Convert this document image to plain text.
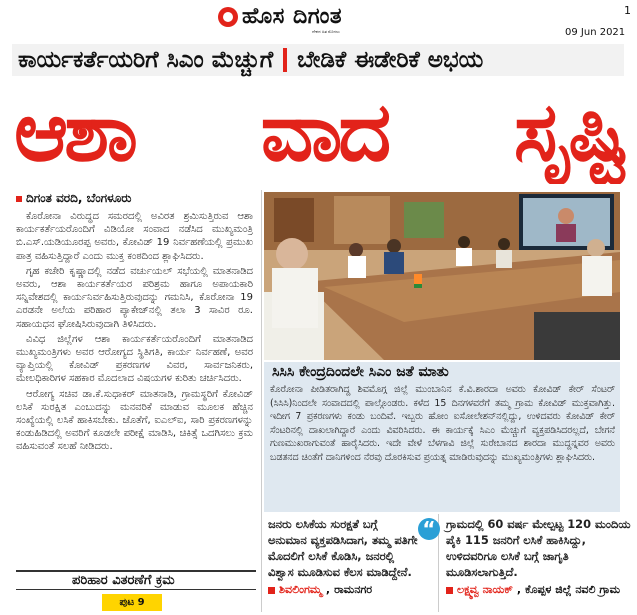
ಹೊಸ ದಿಗಂತ
ದೇಶದ ಹಿತ ಮೊದಲು
1
09 Jun 2021
ಕಾರ್ಯಕರ್ತೆಯರಿಗೆ ಸಿಎಂ ಮೆಚ್ಚುಗೆ ಬೇಡಿಕೆ ಈಡೇರಿಕೆ ಅಭಯ
ಆಶಾ ವಾದ ಸೃಷ್ಟಿ
ದಿಗಂತ ವರದಿ, ಬೆಂಗಳೂರು

ಕೊರೋನಾ ವಿರುದ್ಧದ ಸಮರದಲ್ಲಿ ಅವಿರತ ಶ್ರಮಿಸುತ್ತಿರುವ ಆಶಾ ಕಾರ್ಯಕರ್ತೆಯರೊಂದಿಗೆ ವಿಡಿಯೋ ಸಂವಾದ ನಡೆಸಿದ ಮುಖ್ಯಮಂತ್ರಿ ಬಿ.ಎಸ್.ಯಡಿಯೂರಪ್ಪ ಅವರು, ಕೋವಿಡ್ 19 ನಿರ್ವಹಣೆಯಲ್ಲಿ ಪ್ರಮುಖ ಪಾತ್ರ ವಹಿಸುತ್ತಿದ್ದಾರೆ ಎಂದು ಮುಕ್ತ ಕಂಠದಿಂದ ಶ್ಲಾಘಿಸಿದರು.

ಗೃಹ ಕಚೇರಿ ಕೃಷ್ಣಾದಲ್ಲಿ ನಡೆದ ವರ್ಚುಯಲ್ ಸಭೆಯಲ್ಲಿ ಮಾತನಾಡಿದ ಅವರು, ಆಶಾ ಕಾರ್ಯಕರ್ತೆಯರ ಪರಿಶ್ರಮ ಹಾಗೂ ಅಪಾಯಕಾರಿ ಸನ್ನಿವೇಶದಲ್ಲಿ ಕಾರ್ಯನಿರ್ವಹಿಸುತ್ತಿರುವುದನ್ನು ಗಮನಿಸಿ, ಕೊರೋನಾ 19 ಎರಡನೇ ಅಲೆಯ ಪರಿಹಾರ ಪ್ಯಾಕೇಜ್‌ನಲ್ಲಿ ತಲಾ 3 ಸಾವಿರ ರೂ. ಸಹಾಯಧನ ಘೋಷಿಸಿರುವುದಾಗಿ ತಿಳಿಸಿದರು.

ವಿವಿಧ ಜಿಲ್ಲೆಗಳ ಆಶಾ ಕಾರ್ಯಕರ್ತೆಯರೊಂದಿಗೆ ಮಾತನಾಡಿದ ಮುಖ್ಯಮಂತ್ರಿಗಳು ಅವರ ಆರೋಗ್ಯದ ಸ್ಥಿತಿಗತಿ, ಕಾರ್ಯ ನಿರ್ವಹಣೆ, ಅವರ ವ್ಯಾಪ್ತಿಯಲ್ಲಿ ಕೋವಿಡ್ ಪ್ರಕರಣಗಳ ವಿವರ, ಸಾರ್ವಜನಿಕರು, ಮೇಲಧಿಕಾರಿಗಳ ಸಹಕಾರ ಮೊದಲಾದ ವಿಷಯಗಳ ಕುರಿತು ಚರ್ಚಿಸಿದರು.

ಆರೋಗ್ಯ ಸಚಿವ ಡಾ.ಕೆ.ಸುಧಾಕರ್ ಮಾತನಾಡಿ, ಗ್ರಾಮಸ್ಥರಿಗೆ ಕೋವಿಡ್ ಲಸಿಕೆ ಸುರಕ್ಷಿತ ಎಂಬುದನ್ನು ಮನವರಿಕೆ ಮಾಡುವ ಮೂಲಕ ಹೆಚ್ಚಿನ ಸಂಖ್ಯೆಯಲ್ಲಿ ಲಸಿಕೆ ಹಾಕಿಸಬೇಕು. ಜೊತೆಗೆ, ಐಎಲ್‌ಐ, ಸಾರಿ ಪ್ರಕರಣಗಳನ್ನು ಕಂಡುಹಿಡಿದಲ್ಲಿ ಅವರಿಗೆ ಕೂಡಲೇ ಪರೀಕ್ಷೆ ಮಾಡಿಸಿ, ಚಿಕಿತ್ಸೆ ಒದಗಿಸಲು ಕ್ರಮ ವಹಿಸುವಂತೆ ಸಲಹೆ ನೀಡಿದರು.

ಸಿಸಿಸಿ ಕೇಂದ್ರದಿಂದಲೇ ಸಿಎಂ ಜತೆ ಮಾತು
ಕೊರೋನಾ ಪೀಡಿತರಾಗಿದ್ದ ಶಿವಮೊಗ್ಗ ಜಿಲ್ಲೆ ಮುಂಬಾನಿನ ಕೆ.ವಿ.ಶಾರದಾ ಅವರು ಕೋವಿಡ್ ಕೇರ್ ಸೆಂಟರ್ (ಸಿಸಿಸಿ)ನಿಂದಲೇ ಸಂವಾದದಲ್ಲಿ ಪಾಲ್ಗೊಂಡರು. ಕಳೆದ 15 ದಿನಗಳವರೆಗೆ ತಮ್ಮ ಗ್ರಾಮ ಕೋವಿಡ್ ಮುಕ್ತವಾಗಿತ್ತು. ಇದೀಗ 7 ಪ್ರಕರಣಗಳು ಕಂಡು ಬಂದಿವೆ. ಇಬ್ಬರು ಹೋಂ ಐಸೋಲೇಶನ್‌ನಲ್ಲಿದ್ದು, ಉಳಿದವರು ಕೋವಿಡ್ ಕೇರ್ ಸೆಂಟರಿನಲ್ಲಿ ದಾಖಲಾಗಿದ್ದಾರೆ ಎಂದು ವಿವರಿಸಿದರು. ಈ ಕಾರ್ಯಕ್ಕೆ ಸಿಎಂ ಮೆಚ್ಚುಗೆ ವ್ಯಕ್ತಪಡಿಸಿದರಲ್ಲದೆ, ಬೇಗನೆ ಗುಣಮುಖರಾಗುವಂತೆ ಹಾರೈಸಿದರು. ಇದೇ ವೇಳೆ ಬೆಳಗಾವಿ ಜಿಲ್ಲೆ ಸುರೇಬಾನದ ಶಾರದಾ ಮುದ್ದನ್ನವರ ಅವರು ಬಡತನದ ಚಿಂತೆಗೆ ದಾನಿಗಳಿಂದ ನೆರವು ದೊರಕಿಸುವ ಪ್ರಯತ್ನ ಮಾಡಿರುವುದನ್ನು ಮುಖ್ಯಮಂತ್ರಿಗಳು ಶ್ಲಾಘಿಸಿದರು.
ಜನರು ಲಸಿಕೆಯ ಸುರಕ್ಷತೆ ಬಗ್ಗೆ ಅನುಮಾನ ವ್ಯಕ್ತಪಡಿಸಿದಾಗ, ತಮ್ಮ ಪತಿಗೇ ಮೊದಲಿಗೆ ಲಸಿಕೆ ಕೊಡಿಸಿ, ಜನರಲ್ಲಿ ವಿಶ್ವಾಸ ಮೂಡಿಸುವ ಕೆಲಸ ಮಾಡಿದ್ದೇನೆ.
ಶಿವಲಿಂಗಮ್ಮ , ರಾಮನಗರ
“ ಗ್ರಾಮದಲ್ಲಿ 60 ವರ್ಷ ಮೇಲ್ಪಟ್ಟ 120 ಮಂದಿಯ ಪೈಕಿ 115 ಜನರಿಗೆ ಲಸಿಕೆ ಹಾಕಿಸಿದ್ದು, ಉಳಿದವರಿಗೂ ಲಸಿಕೆ ಬಗ್ಗೆ ಜಾಗೃತಿ ಮೂಡಿಸಲಾಗುತ್ತಿದೆ.
ಲಕ್ಷ್ಮವ್ವ ನಾಯಕ್ , ಕೊಪ್ಪಳ ಜಿಲ್ಲೆ ನವಲಿ ಗ್ರಾಮ
ಪರಿಹಾರ ವಿತರಣೆಗೆ ಕ್ರಮ
ಪುಟ 9
